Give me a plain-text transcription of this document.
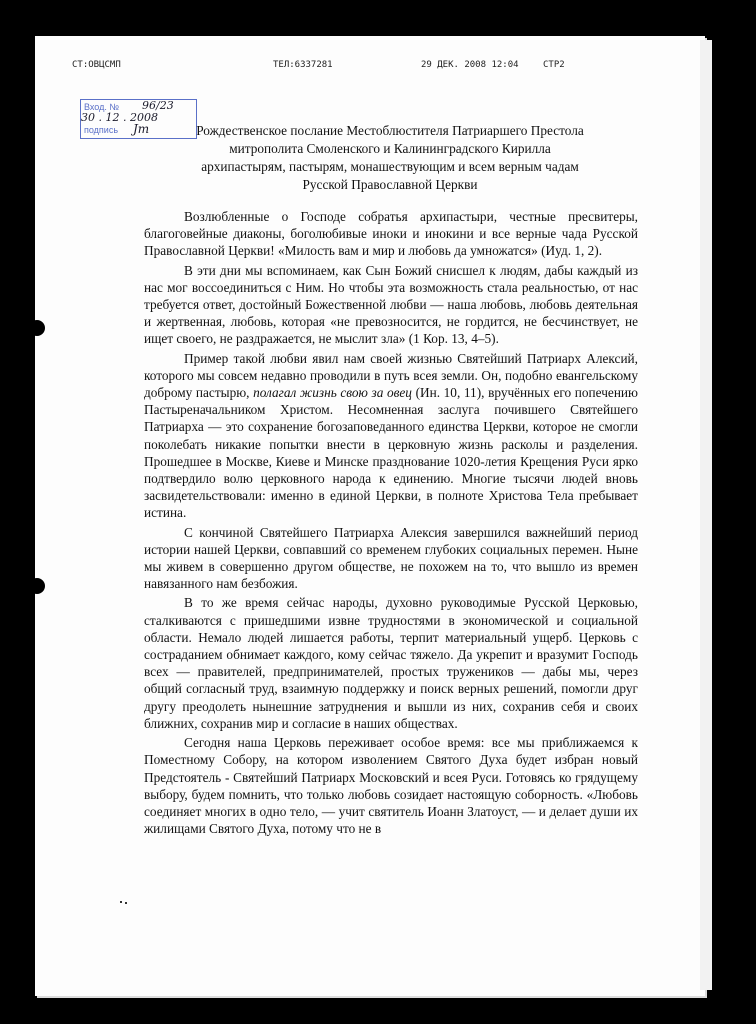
CT:OBЦCMП	ТЕЛ:6337281	29 ДЕК. 2008 12:04	СТР2
Вход. № 96/23
30 . 12 . 2008
подпись Jm	Рождественское послание Местоблюстителя Патриаршего Престола
митрополита Смоленского и Калининградского Кирилла
архипастырям, пастырям, монашествующим и всем верным чадам
Русской Православной Церкви

Возлюбленные о Господе собратья архипастыри, честные пресвитеры, благоговейные диаконы, боголюбивые иноки и инокини и все верные чада Русской Православной Церкви! «Милость вам и мир и любовь да умножатся» (Иуд. 1, 2).

В эти дни мы вспоминаем, как Сын Божий снисшел к людям, дабы каждый из нас мог воссоединиться с Ним. Но чтобы эта возможность стала реальностью, от нас требуется ответ, достойный Божественной любви — наша любовь, любовь деятельная и жертвенная, любовь, которая «не превозносится, не гордится, не бесчинствует, не ищет своего, не раздражается, не мыслит зла» (1 Кор. 13, 4–5).

Пример такой любви явил нам своей жизнью Святейший Патриарх Алексий, которого мы совсем недавно проводили в путь всея земли. Он, подобно евангельскому доброму пастырю, полагал жизнь свою за овец (Ин. 10, 11), вручённых его попечению Пастыреначальником Христом. Несомненная заслуга почившего Святейшего Патриарха — это сохранение богозаповеданного единства Церкви, которое не смогли поколебать никакие попытки внести в церковную жизнь расколы и разделения. Прошедшее в Москве, Киеве и Минске празднование 1020-летия Крещения Руси ярко подтвердило волю церковного народа к единению. Многие тысячи людей вновь засвидетельствовали: именно в единой Церкви, в полноте Христова Тела пребывает истина.

С кончиной Святейшего Патриарха Алексия завершился важнейший период истории нашей Церкви, совпавший со временем глубоких социальных перемен. Ныне мы живем в совершенно другом обществе, не похожем на то, что вышло из времен навязанного нам безбожия.

В то же время сейчас народы, духовно руководимые Русской Церковью, сталкиваются с пришедшими извне трудностями в экономической и социальной области. Немало людей лишается работы, терпит материальный ущерб. Церковь с состраданием обнимает каждого, кому сейчас тяжело. Да укрепит и вразумит Господь всех — правителей, предпринимателей, простых тружеников — дабы мы, через общий согласный труд, взаимную поддержку и поиск верных решений, помогли друг другу преодолеть нынешние затруднения и вышли из них, сохранив себя и своих ближних, сохранив мир и согласие в наших обществах.

Сегодня наша Церковь переживает особое время: все мы приближаемся к Поместному Собору, на котором изволением Святого Духа будет избран новый Предстоятель - Святейший Патриарх Московский и всея Руси. Готовясь ко грядущему выбору, будем помнить, что только любовь созидает настоящую соборность. «Любовь соединяет многих в одно тело, — учит святитель Иоанн Златоуст, — и делает души их жилищами Святого Духа, потому что не в
